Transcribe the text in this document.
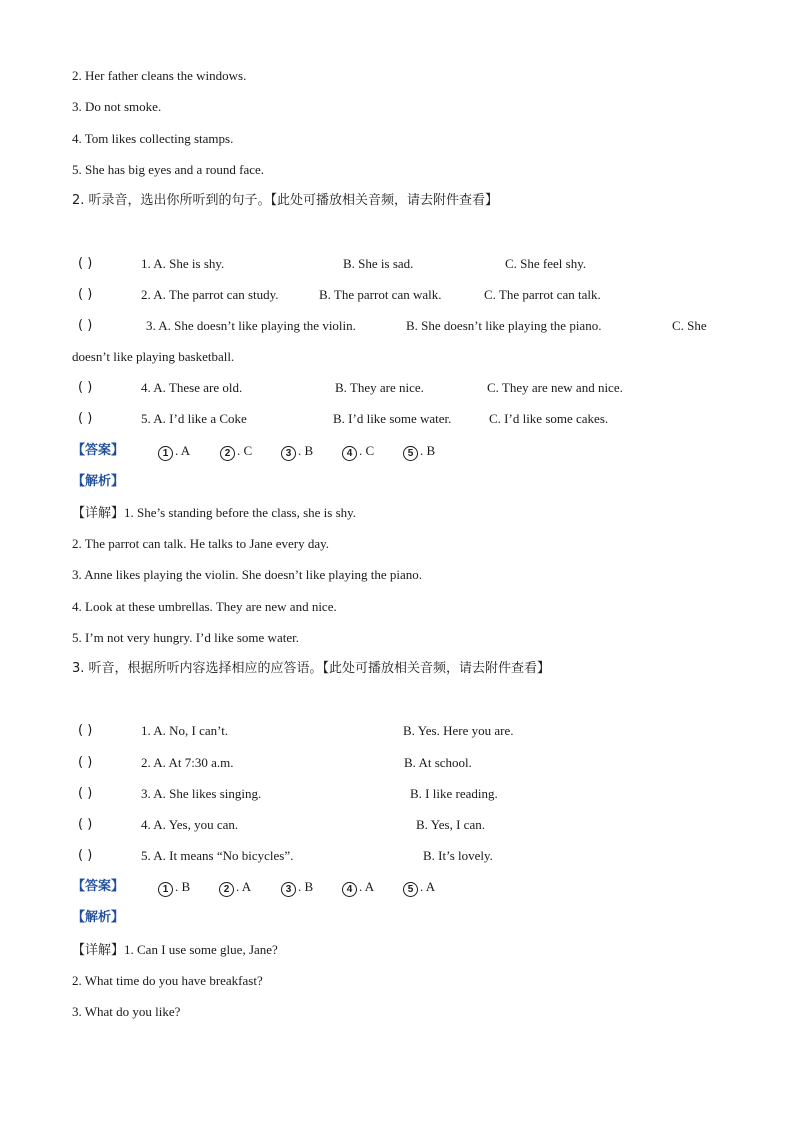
2. Her father cleans the windows.
3. Do not smoke.
4. Tom likes collecting stamps.
5. She has big eyes and a round face.
2. 听录音，选出你所听到的句子。【此处可播放相关音频，请去附件查看】
( )	1. A. She is shy.	B. She is sad.	C. She feel shy.
( )	2. A. The parrot can study.	B. The parrot can walk.	C. The parrot can talk.
( )	3. A. She doesn’t like playing the violin.	B. She doesn’t like playing the piano.	C. She
doesn’t like playing basketball.
( )	4. A. These are old.	B. They are nice.	C. They are new and nice.
( )	5. A. I’d like a Coke	B. I’d like some water.	C. I’d like some cakes.
【答案】	1 . A	2 . C	3 . B	4 . C	5 . B
【解析】
【详解】1. She’s standing before the class, she is shy.
2. The parrot can talk. He talks to Jane every day.
3. Anne likes playing the violin. She doesn’t like playing the piano.
4. Look at these umbrellas. They are new and nice.
5. I’m not very hungry. I’d like some water.
3. 听音，根据所听内容选择相应的应答语。【此处可播放相关音频，请去附件查看】
( )	1. A. No, I can’t.	B. Yes. Here you are.
( )	2. A. At 7:30 a.m.	B. At school.
( )	3. A. She likes singing.	B. I like reading.
( )	4. A. Yes, you can.	B. Yes, I can.
( )	5. A. It means “No bicycles”.	B. It’s lovely.
【答案】	1 . B	2 . A	3 . B	4 . A	5 . A
【解析】
【详解】1. Can I use some glue, Jane?
2. What time do you have breakfast?
3. What do you like?
